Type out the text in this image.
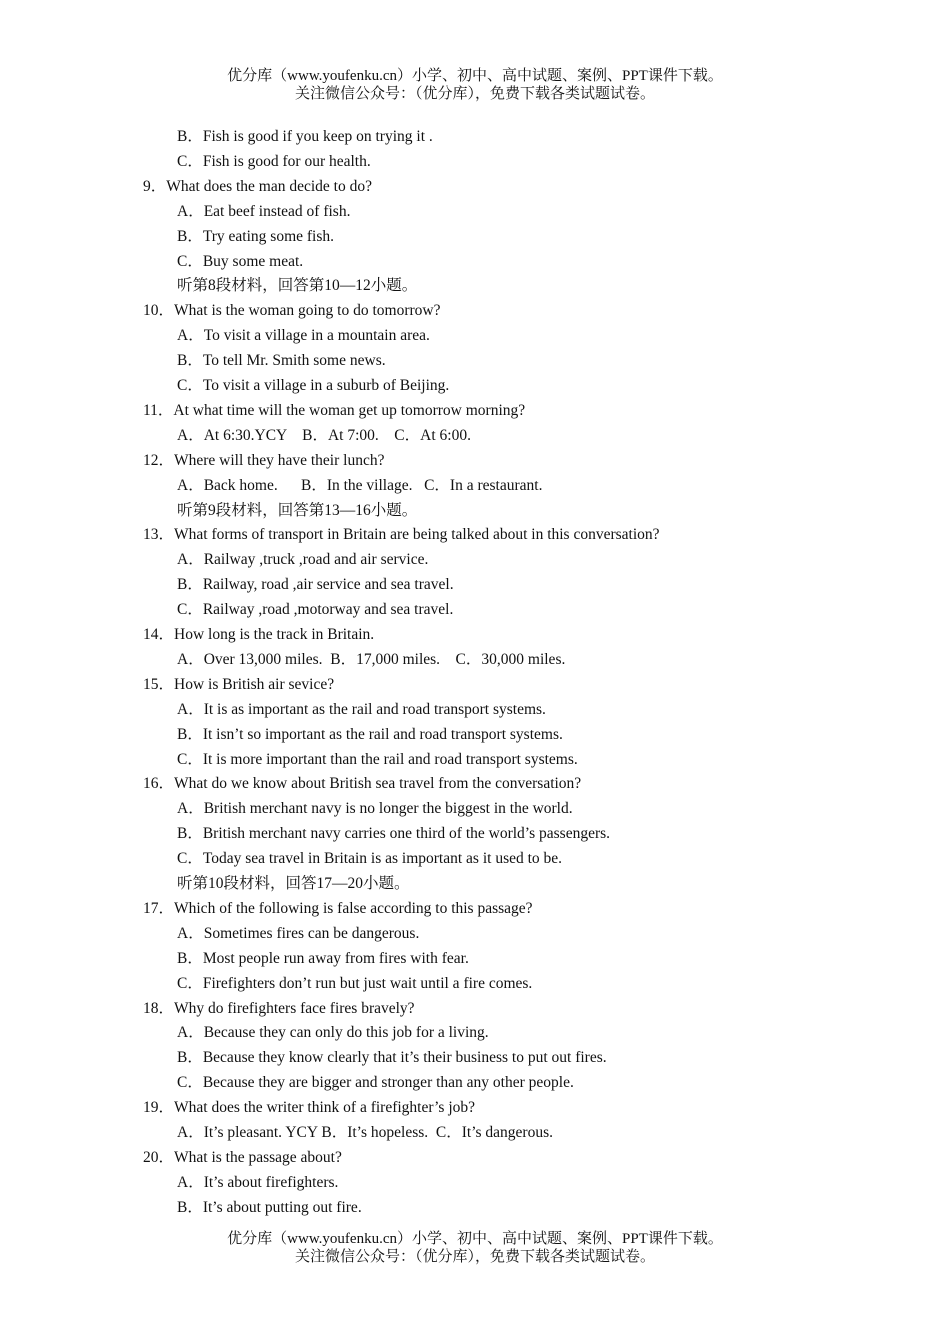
优分库（www.youfenku.cn）小学、初中、高中试题、案例、PPT课件下载。
关注微信公众号：（优分库），免费下载各类试题试卷。
B．Fish is good if you keep on trying it .
C．Fish is good for our health.
9．What does the man decide to do?
A．Eat beef instead of fish.
B．Try eating some fish.
C．Buy some meat.
听第8段材料，回答第10—12小题。
10．What is the woman going to do tomorrow?
A．To visit a village in a mountain area.
B．To tell Mr. Smith some news.
C．To visit a village in a suburb of Beijing.
11．At what time will the woman get up tomorrow morning?
A．At 6:30.YCY    B．At 7:00.    C．At 6:00.
12．Where will they have their lunch?
A．Back home.      B．In the village.   C．In a restaurant.
听第9段材料，回答第13—16小题。
13．What forms of transport in Britain are being talked about in this conversation?
A．Railway ,truck ,road and air service.
B．Railway, road ,air service and sea travel.
C．Railway ,road ,motorway and sea travel.
14．How long is the track in Britain.
A．Over 13,000 miles.  B．17,000 miles.    C．30,000 miles.
15．How is British air sevice?
A．It is as important as the rail and road transport systems.
B．It isn’t so important as the rail and road transport systems.
C．It is more important than the rail and road transport systems.
16．What do we know about British sea travel from the conversation?
A．British merchant navy is no longer the biggest in the world.
B．British merchant navy carries one third of the world’s passengers.
C．Today sea travel in Britain is as important as it used to be.
听第10段材料，回答17—20小题。
17．Which of the following is false according to this passage?
A．Sometimes fires can be dangerous.
B．Most people run away from fires with fear.
C．Firefighters don’t run but just wait until a fire comes.
18．Why do firefighters face fires bravely?
A．Because they can only do this job for a living.
B．Because they know clearly that it’s their business to put out fires.
C．Because they are bigger and stronger than any other people.
19．What does the writer think of a firefighter’s job?
A．It’s pleasant. YCY B．It’s hopeless.  C．It’s dangerous.
20．What is the passage about?
A．It’s about firefighters.
B．It’s about putting out fire.
优分库（www.youfenku.cn）小学、初中、高中试题、案例、PPT课件下载。
关注微信公众号：（优分库），免费下载各类试题试卷。
